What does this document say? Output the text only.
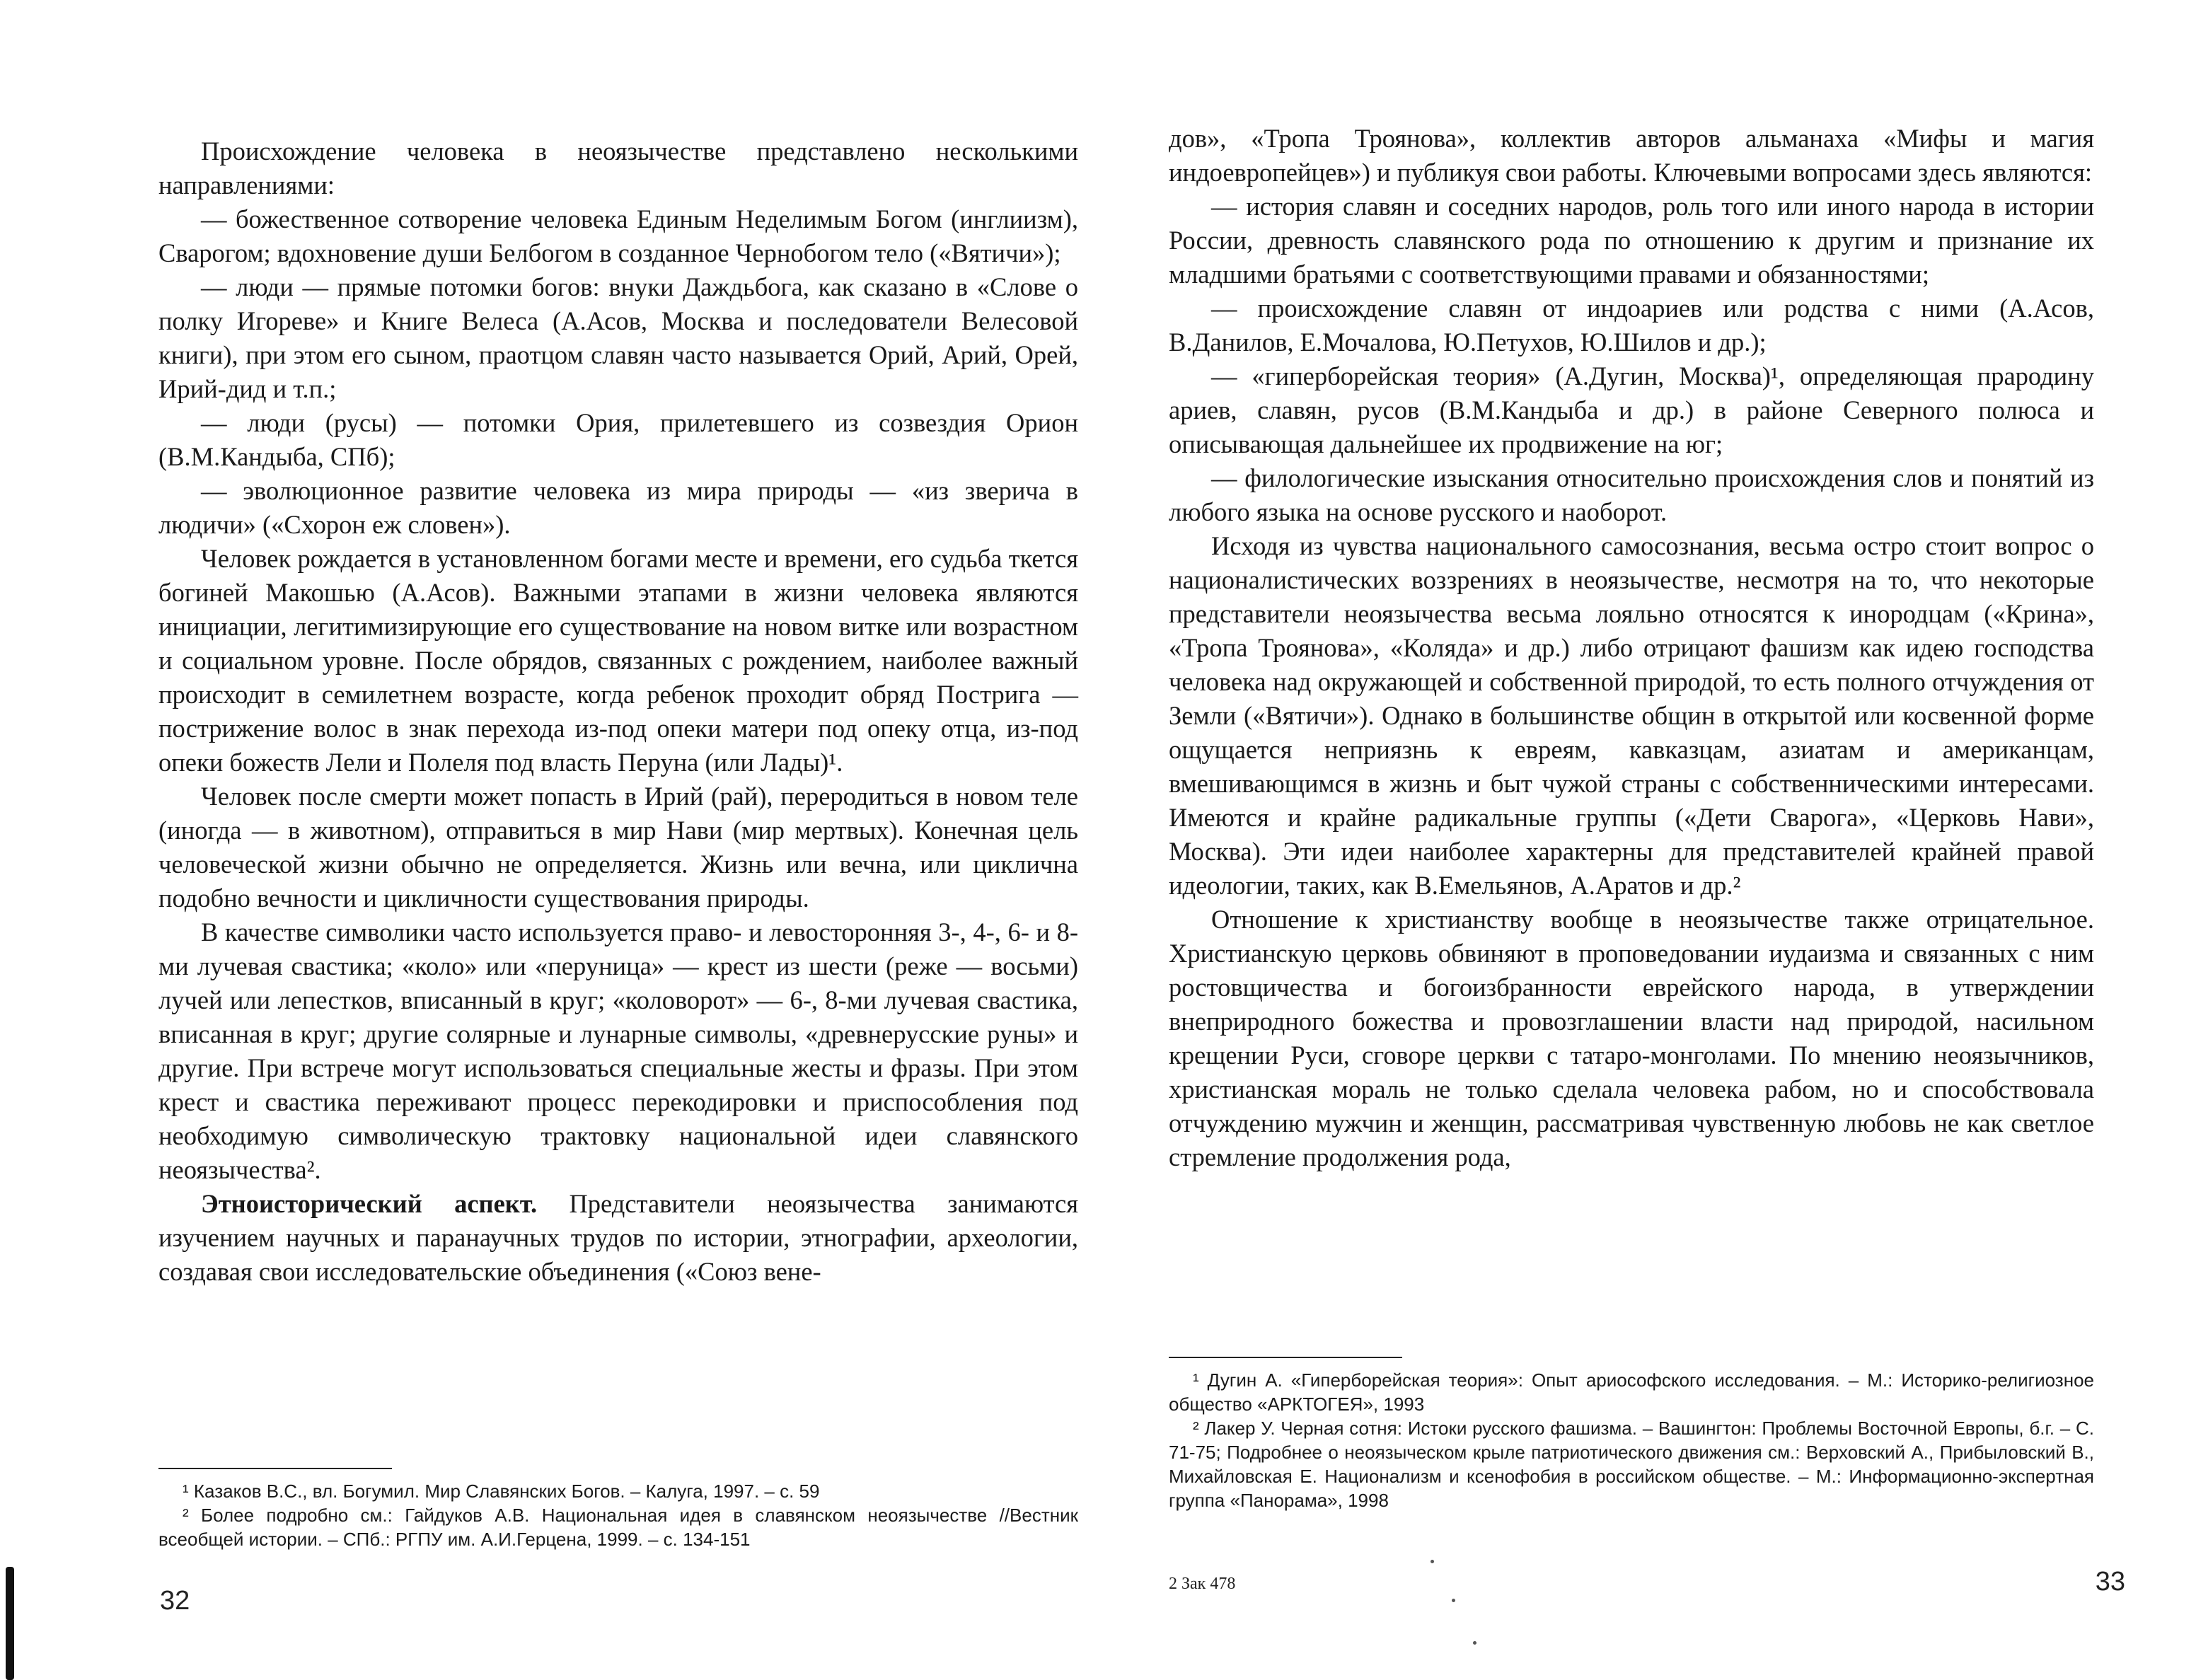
Происхождение человека в неоязычестве представлено несколькими направлениями:

— божественное сотворение человека Единым Неделимым Богом (инглиизм), Сварогом; вдохновение души Белбогом в созданное Чернобогом тело («Вятичи»);

— люди — прямые потомки богов: внуки Даждьбога, как сказано в «Слове о полку Игореве» и Книге Велеса (А.Асов, Москва и последователи Велесовой книги), при этом его сыном, праотцом славян часто называется Орий, Арий, Орей, Ирий-дид и т.п.;

— люди (русы) — потомки Ория, прилетевшего из созвездия Орион (В.М.Кандыба, СПб);

— эволюционное развитие человека из мира природы — «из зверича в людичи» («Схорон еж словен»).

Человек рождается в установленном богами месте и времени, его судьба ткется богиней Макошью (А.Асов). Важными этапами в жизни человека являются инициации, легитимизирующие его существование на новом витке или возрастном и социальном уровне. После обрядов, связанных с рождением, наиболее важный происходит в семилетнем возрасте, когда ребенок проходит обряд Пострига — пострижение волос в знак перехода из-под опеки матери под опеку отца, из-под опеки божеств Лели и Полеля под власть Перуна (или Лады)¹.

Человек после смерти может попасть в Ирий (рай), переродиться в новом теле (иногда — в животном), отправиться в мир Нави (мир мертвых). Конечная цель человеческой жизни обычно не определяется. Жизнь или вечна, или циклична подобно вечности и цикличности существования природы.

В качестве символики часто используется право- и левосторонняя 3-, 4-, 6- и 8-ми лучевая свастика; «коло» или «перуница» — крест из шести (реже — восьми) лучей или лепестков, вписанный в круг; «коловорот» — 6-, 8-ми лучевая свастика, вписанная в круг; другие солярные и лунарные символы, «древнерусские руны» и другие. При встрече могут использоваться специальные жесты и фразы. При этом крест и свастика переживают процесс перекодировки и приспособления под необходимую символическую трактовку национальной идеи славянского неоязычества².

Этноисторический аспект. Представители неоязычества занимаются изучением научных и паранаучных трудов по истории, этнографии, археологии, создавая свои исследовательские объединения («Союз вене-

¹ Казаков В.С., вл. Богумил. Мир Славянских Богов. – Калуга, 1997. – с. 59

² Более подробно см.: Гайдуков А.В. Национальная идея в славянском неоязычестве //Вестник всеобщей истории. – СПб.: РГПУ им. А.И.Герцена, 1999. – с. 134-151

32

дов», «Тропа Троянова», коллектив авторов альманаха «Мифы и магия индоевропейцев») и публикуя свои работы. Ключевыми вопросами здесь являются:

— история славян и соседних народов, роль того или иного народа в истории России, древность славянского рода по отношению к другим и признание их младшими братьями с соответствующими правами и обязанностями;

— происхождение славян от индоариев или родства с ними (А.Асов, В.Данилов, Е.Мочалова, Ю.Петухов, Ю.Шилов и др.);

— «гиперборейская теория» (А.Дугин, Москва)¹, определяющая прародину ариев, славян, русов (В.М.Кандыба и др.) в районе Северного полюса и описывающая дальнейшее их продвижение на юг;

— филологические изыскания относительно происхождения слов и понятий из любого языка на основе русского и наоборот.

Исходя из чувства национального самосознания, весьма остро стоит вопрос о националистических воззрениях в неоязычестве, несмотря на то, что некоторые представители неоязычества весьма лояльно относятся к инородцам («Крина», «Тропа Троянова», «Коляда» и др.) либо отрицают фашизм как идею господства человека над окружающей и собственной природой, то есть полного отчуждения от Земли («Вятичи»). Однако в большинстве общин в открытой или косвенной форме ощущается неприязнь к евреям, кавказцам, азиатам и американцам, вмешивающимся в жизнь и быт чужой страны с собственническими интересами. Имеются и крайне радикальные группы («Дети Сварога», «Церковь Нави», Москва). Эти идеи наиболее характерны для представителей крайней правой идеологии, таких, как В.Емельянов, А.Аратов и др.²

Отношение к христианству вообще в неоязычестве также отрицательное. Христианскую церковь обвиняют в проповедовании иудаизма и связанных с ним ростовщичества и богоизбранности еврейского народа, в утверждении внеприродного божества и провозглашении власти над природой, насильном крещении Руси, сговоре церкви с татаро-монголами. По мнению неоязычников, христианская мораль не только сделала человека рабом, но и способствовала отчуждению мужчин и женщин, рассматривая чувственную любовь не как светлое стремление продолжения рода,

¹ Дугин А. «Гиперборейская теория»: Опыт ариософского исследования. – М.: Историко-религиозное общество «АРКТОГЕЯ», 1993

² Лакер У. Черная сотня: Истоки русского фашизма. – Вашингтон: Проблемы Восточной Европы, б.г. – С. 71-75; Подробнее о неоязыческом крыле патриотического движения см.: Верховский А., Прибыловский В., Михайловская Е. Национализм и ксенофобия в российском обществе. – М.: Информационно-экспертная группа «Панорама», 1998

2 Зак 478	33
